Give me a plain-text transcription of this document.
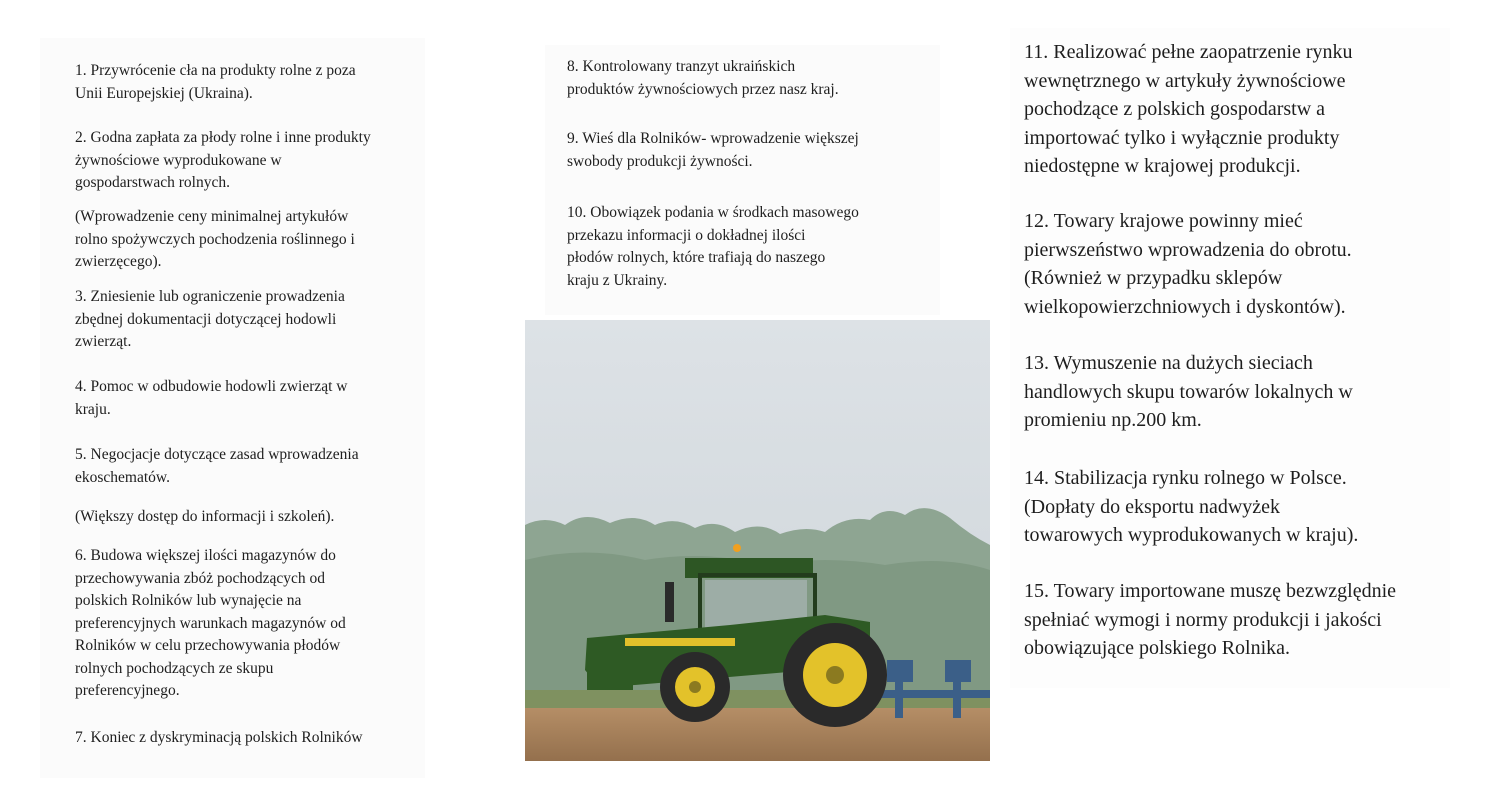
1. Przywrócenie cła na produkty rolne z poza
Unii Europejskiej (Ukraina).

2. Godna zapłata za płody rolne i inne produkty
żywnościowe wyprodukowane w
gospodarstwach rolnych.

(Wprowadzenie ceny minimalnej artykułów
rolno spożywczych pochodzenia roślinnego i
zwierzęcego).

3. Zniesienie lub ograniczenie prowadzenia
zbędnej dokumentacji dotyczącej hodowli
zwierząt.

4. Pomoc w odbudowie hodowli zwierząt w
kraju.

5. Negocjacje dotyczące zasad wprowadzenia
ekoschematów.

(Większy dostęp do informacji i szkoleń).

6. Budowa większej ilości magazynów do
przechowywania zbóż pochodzących od
polskich Rolników lub wynajęcie na
preferencyjnych warunkach magazynów od
Rolników w celu przechowywania płodów
rolnych pochodzących ze skupu
preferencyjnego.

7. Koniec z dyskryminacją polskich Rolników

8. Kontrolowany tranzyt ukraińskich
produktów żywnościowych przez nasz kraj.

9. Wieś dla Rolników- wprowadzenie większej
swobody produkcji żywności.

10. Obowiązek podania w środkach masowego
przekazu informacji o dokładnej ilości
płodów rolnych, które trafiają do naszego
kraju z Ukrainy.

11. Realizować pełne zaopatrzenie rynku
wewnętrznego w artykuły żywnościowe
pochodzące z polskich gospodarstw a
importować tylko i wyłącznie produkty
niedostępne w krajowej produkcji.

12. Towary krajowe powinny mieć
pierwszeństwo wprowadzenia do obrotu.
(Również w przypadku sklepów
wielkopowierzchniowych i dyskontów).

13. Wymuszenie na dużych sieciach
handlowych skupu towarów lokalnych w
promieniu np.200 km.

14. Stabilizacja rynku rolnego w Polsce.
(Dopłaty do eksportu nadwyżek
towarowych wyprodukowanych w kraju).

15. Towary importowane muszę bezwzględnie
spełniać wymogi i normy produkcji i jakości
obowiązujące polskiego Rolnika.
